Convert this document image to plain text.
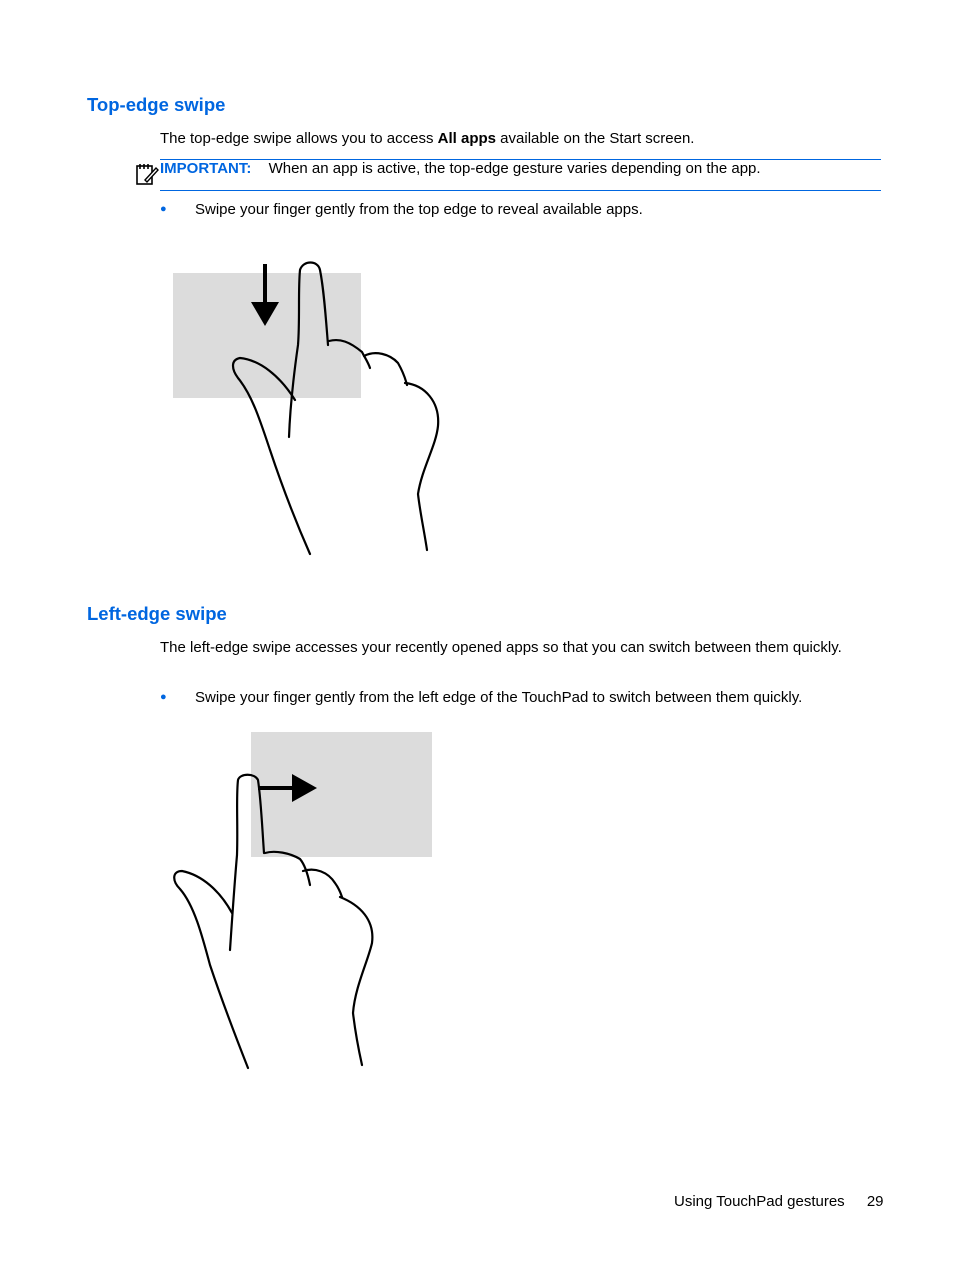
Top-edge swipe

The top-edge swipe allows you to access All apps available on the Start screen.

IMPORTANT: When an app is active, the top-edge gesture varies depending on the app.
● Swipe your finger gently from the top edge to reveal available apps.

Left-edge swipe

The left-edge swipe accesses your recently opened apps so that you can switch between them quickly.

● Swipe your finger gently from the left edge of the TouchPad to switch between them quickly.

Using TouchPad gestures 29
